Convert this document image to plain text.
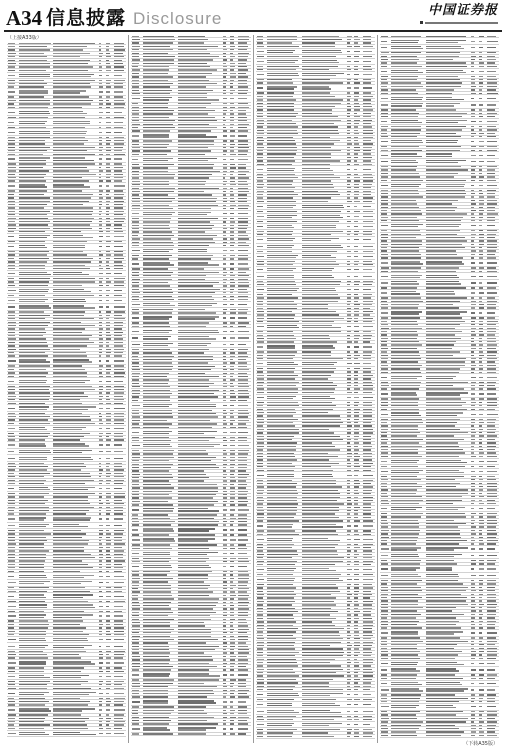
A34 信息披露 Disclosure	中国证券报
（上接A33版）
（下转A35版）
